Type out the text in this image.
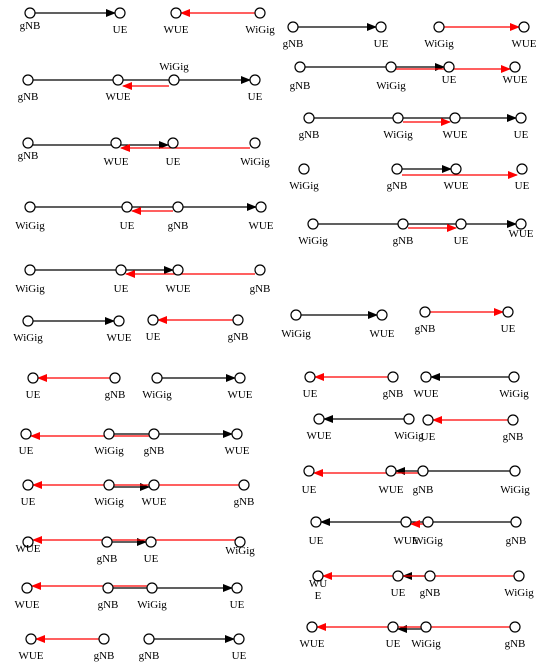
gNB	UE	WUE	WiGig
gNB	UE	WiGig	WUE
gNB	WUE
WiGig
UE
gNB	WiGig	UE	WUE
gNB	WUE	UE	WiGig
gNB	WiGig	WUE	UE
WiGig	gNB	WUE	UE
WiGig	UE	gNB	WUE
WiGig	gNB	UE
WUE
WiGig	UE	WUE	gNB
WiGig	WUE UE	gNB	WiGig	WUE gNB	UE
UE	gNB WiGig	WUE	UE	gNB WUE	WiGig
UE	WiGig gNB	WUE
WUE	WiGig
UE	gNB
UE	WiGig WUE	gNB
UE	WUE gNB	WiGig
WUE
gNB UE
WiGig
UE	WUE
WiGig	gNB
WUE	gNB WiGig	UE
WU E	UE gNB	WiGig
WUE	gNB gNB	UE
WUE	UE WiGig	gNB
